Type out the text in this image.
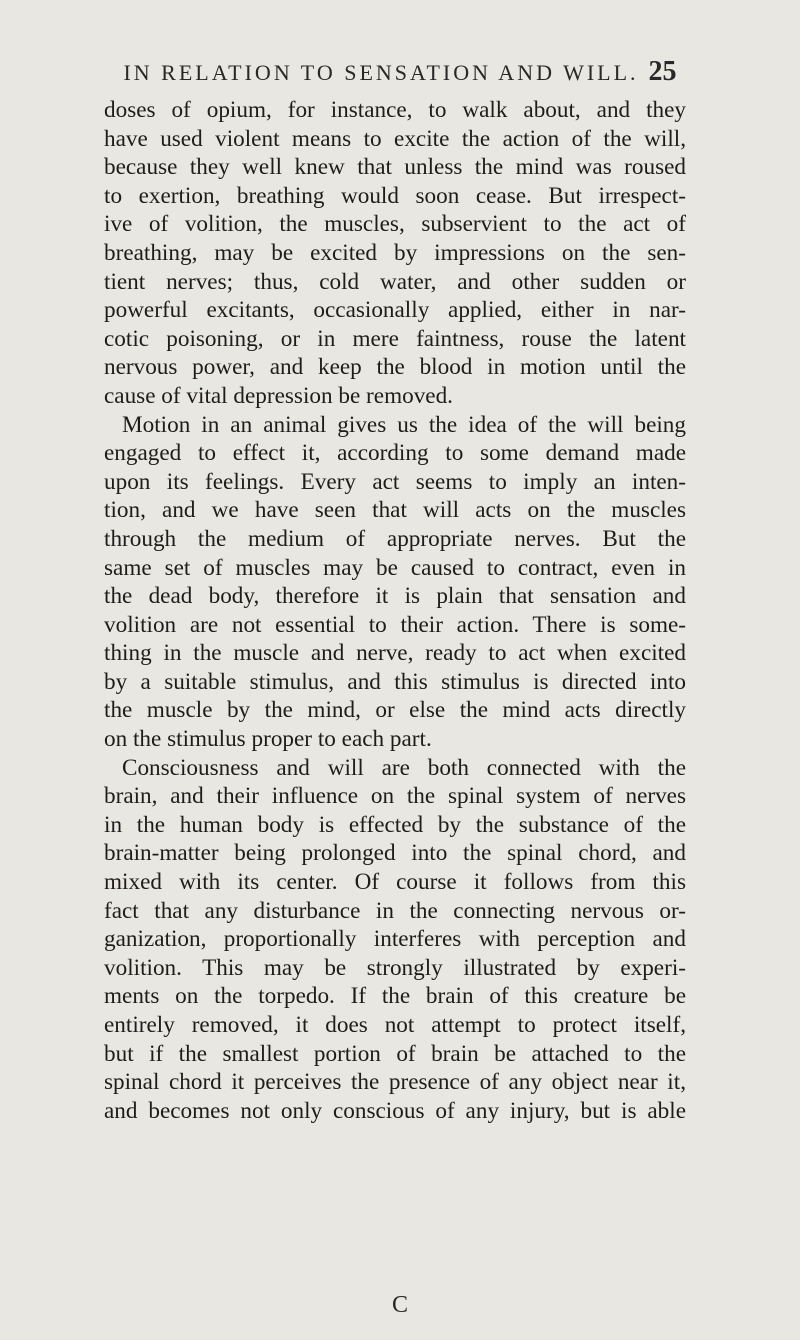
IN RELATION TO SENSATION AND WILL. 25
doses of opium, for instance, to walk about, and they
have used violent means to excite the action of the will,
because they well knew that unless the mind was roused
to exertion, breathing would soon cease. But irrespect-
ive of volition, the muscles, subservient to the act of
breathing, may be excited by impressions on the sen-
tient nerves; thus, cold water, and other sudden or
powerful excitants, occasionally applied, either in nar-
cotic poisoning, or in mere faintness, rouse the latent
nervous power, and keep the blood in motion until the
cause of vital depression be removed.
Motion in an animal gives us the idea of the will being
engaged to effect it, according to some demand made
upon its feelings. Every act seems to imply an inten-
tion, and we have seen that will acts on the muscles
through the medium of appropriate nerves. But the
same set of muscles may be caused to contract, even in
the dead body, therefore it is plain that sensation and
volition are not essential to their action. There is some-
thing in the muscle and nerve, ready to act when excited
by a suitable stimulus, and this stimulus is directed into
the muscle by the mind, or else the mind acts directly
on the stimulus proper to each part.
Consciousness and will are both connected with the
brain, and their influence on the spinal system of nerves
in the human body is effected by the substance of the
brain-matter being prolonged into the spinal chord, and
mixed with its center. Of course it follows from this
fact that any disturbance in the connecting nervous or-
ganization, proportionally interferes with perception and
volition. This may be strongly illustrated by experi-
ments on the torpedo. If the brain of this creature be
entirely removed, it does not attempt to protect itself,
but if the smallest portion of brain be attached to the
spinal chord it perceives the presence of any object near it,
and becomes not only conscious of any injury, but is able
C
